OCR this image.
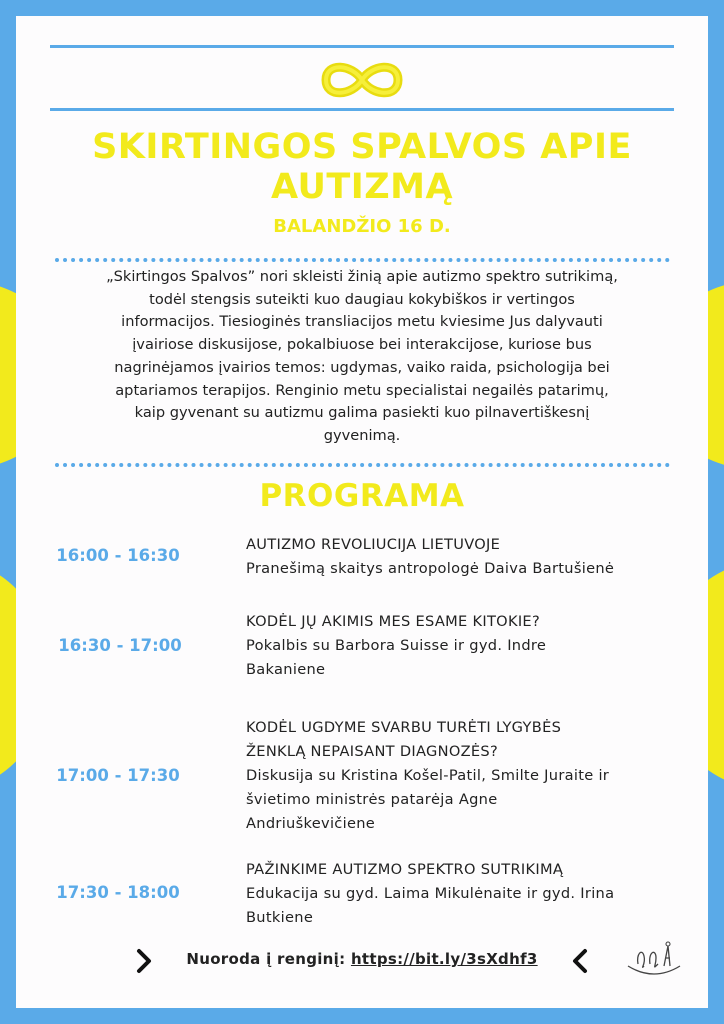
SKIRTINGOS SPALVOS APIE
AUTIZMĄ
BALANDŽIO 16 D.
„Skirtingos Spalvos” nori skleisti žinią apie autizmo spektro sutrikimą,
todėl stengsis suteikti kuo daugiau kokybiškos ir vertingos
informacijos. Tiesioginės transliacijos metu kviesime Jus dalyvauti
įvairiose diskusijose, pokalbiuose bei interakcijose, kuriose bus
nagrinėjamos įvairios temos: ugdymas, vaiko raida, psichologija bei
aptariamos terapijos. Renginio metu specialistai negailės patarimų,
kaip gyvenant su autizmu galima pasiekti kuo pilnavertiškesnį
gyvenimą.
PROGRAMA
16:00 - 16:30
AUTIZMO REVOLIUCIJA LIETUVOJE
Pranešimą skaitys antropologė Daiva Bartušienė
16:30 - 17:00
KODĖL JŲ AKIMIS MES ESAME KITOKIE?
Pokalbis su Barbora Suisse ir gyd. Indre
Bakaniene
17:00 - 17:30
KODĖL UGDYME SVARBU TURĖTI LYGYBĖS
ŽENKLĄ NEPAISANT DIAGNOZĖS?
Diskusija su Kristina Košel-Patil, Smilte Juraite ir
švietimo ministrės patarėja Agne
Andriuškevičiene
17:30 - 18:00
PAŽINKIME AUTIZMO SPEKTRO SUTRIKIMĄ
Edukacija su gyd. Laima Mikulėnaite ir gyd. Irina
Butkiene
Nuoroda į renginį: https://bit.ly/3sXdhf3
